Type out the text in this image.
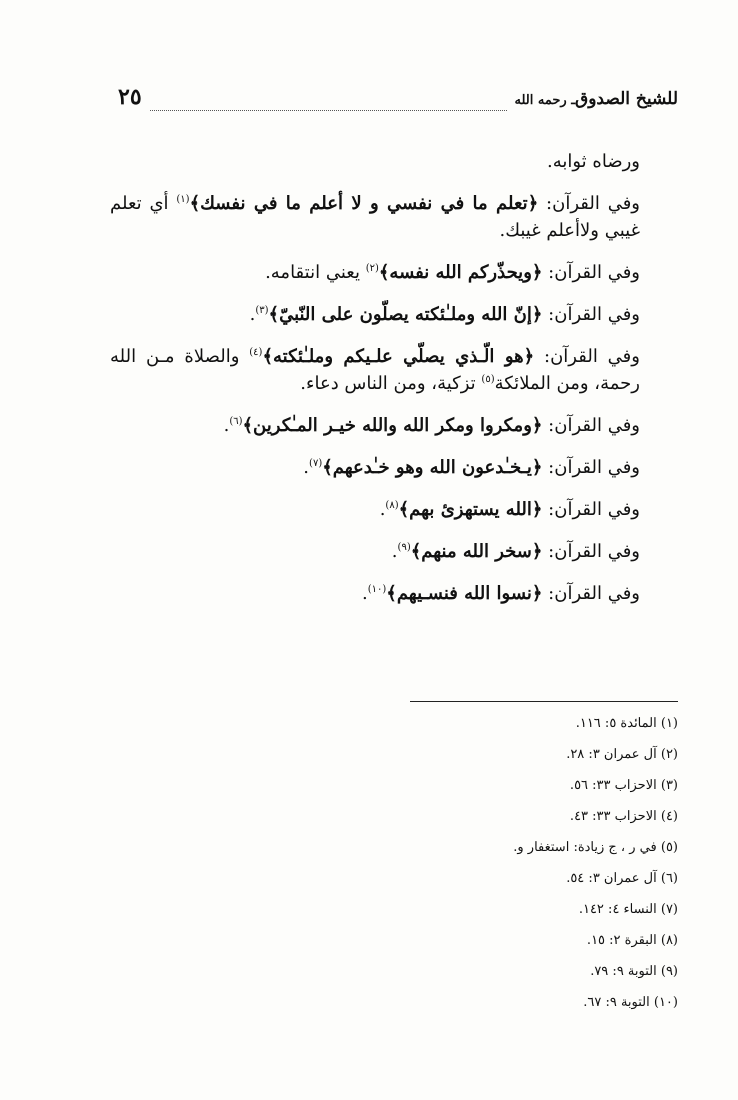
للشيخ الصدوق
ـ رحمه الله
٢٥

ورضاه ثوابه.

وفي القرآن: ﴿تعلم ما في نفسي و لا أعلم ما في نفسك﴾$^{(١)}$ أي تعلم غيبي ولاأعلم غيبك.

وفي القرآن: ﴿ويحذّركم الله نفسه﴾$^{(٢)}$ يعني انتقامه.

وفي القرآن: ﴿إنّ الله وملـٰئكته يصلّون على النّبيّ﴾$^{(٣)}$.

وفي القرآن: ﴿هو الّـذي يصلّي علـيكم وملـٰئكته﴾$^{(٤)}$ والصلاة مـن الله رحمة، ومن الملائكة$^{(٥)}$ تزكية، ومن الناس دعاء.

وفي القرآن: ﴿ومكروا ومكر الله والله خيـر المـٰكرين﴾$^{(٦)}$.

وفي القرآن: ﴿يـخـٰدعون الله وهو خـٰدعهم﴾$^{(٧)}$.

وفي القرآن: ﴿الله يستهزئ بهم﴾$^{(٨)}$.

وفي القرآن: ﴿سخر الله منهم﴾$^{(٩)}$.

وفي القرآن: ﴿نسوا الله فنسـيهم﴾$^{(١٠)}$.

(١) المائدة ٥: ١١٦.
(٢) آل عمران ٣: ٢٨.
(٣) الاحزاب ٣٣: ٥٦.
(٤) الاحزاب ٣٣: ٤٣.
(٥) في ر ، ج زيادة: استغفار و.
(٦) آل عمران ٣: ٥٤.
(٧) النساء ٤: ١٤٢.
(٨) البقرة ٢: ١٥.
(٩) التوبة ٩: ٧٩.
(١٠) التوبة ٩: ٦٧.
